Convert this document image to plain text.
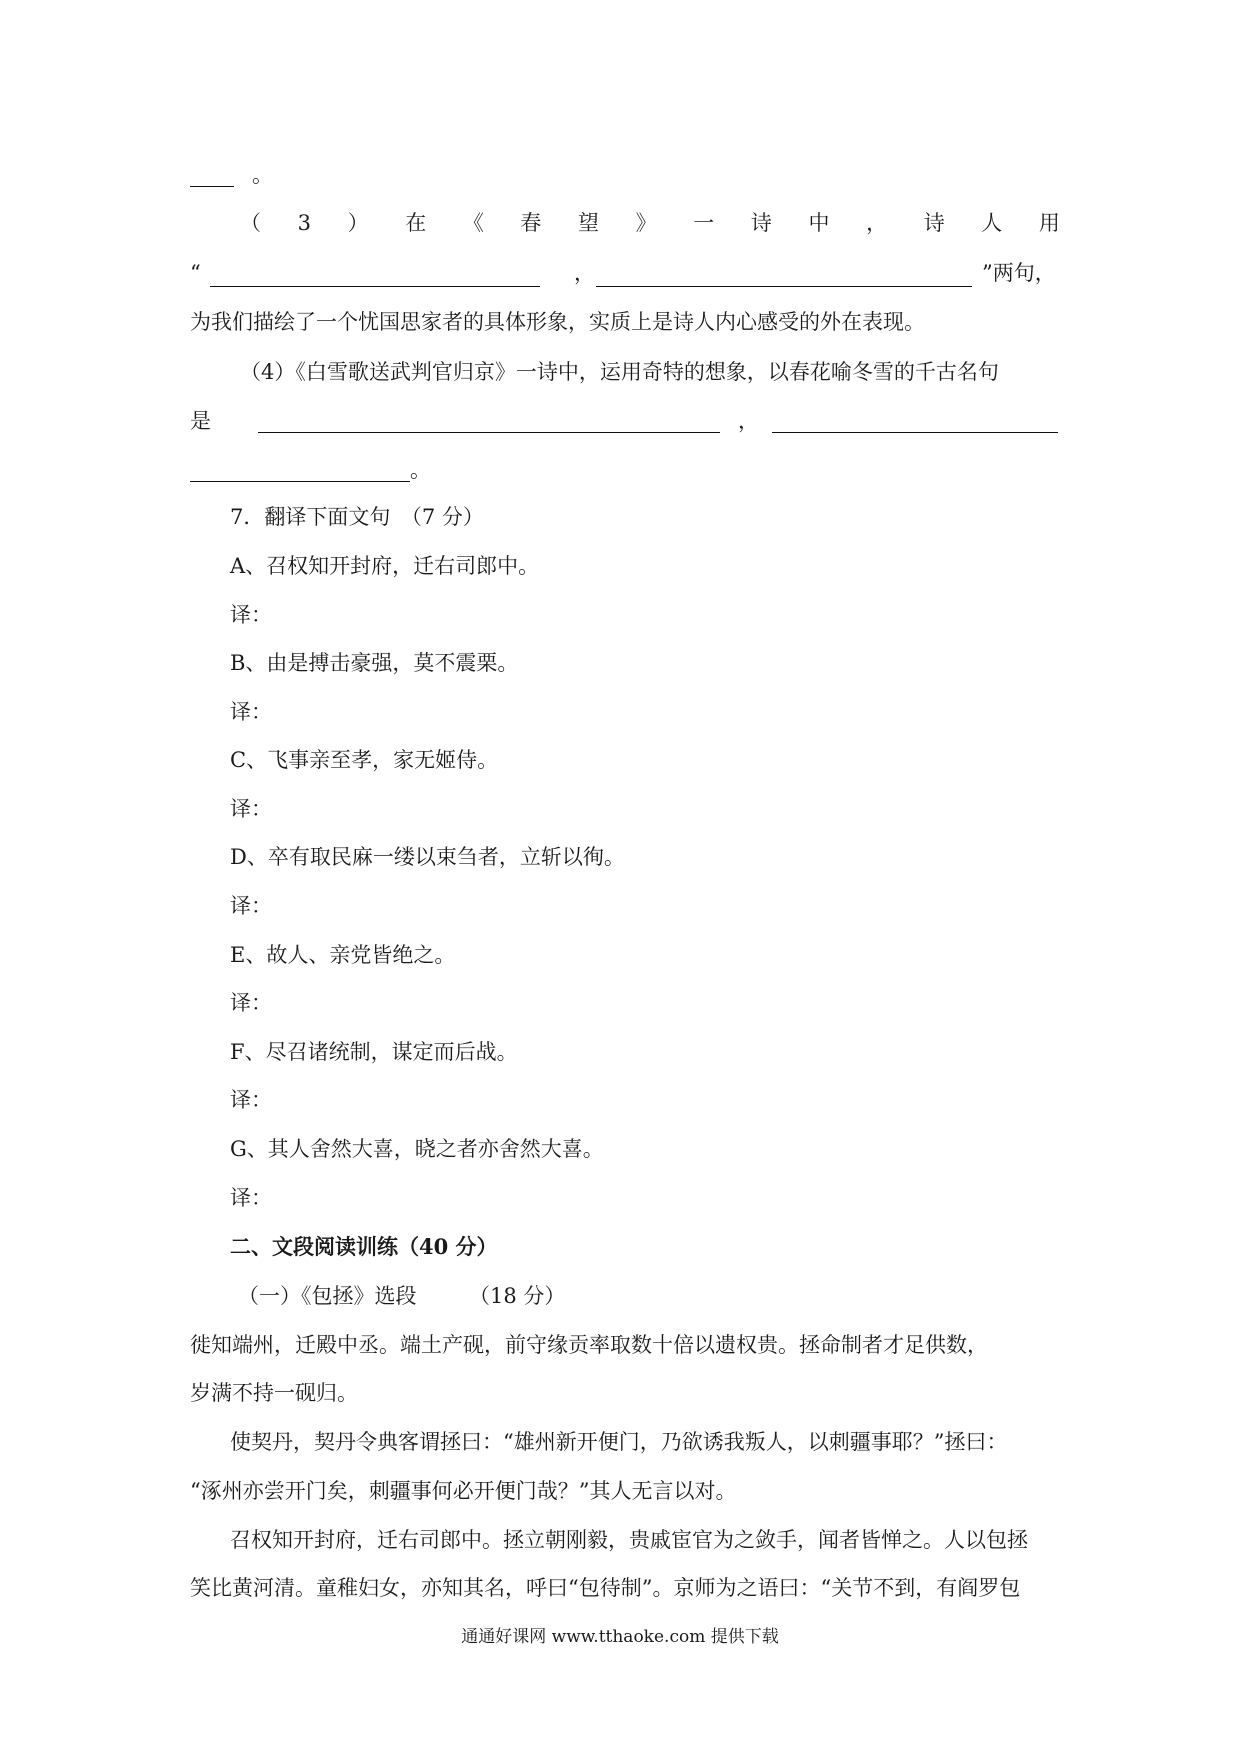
。
（ 3 ） 在 《 春 望 》 一 诗 中 ， 诗 人 用
“	，	”两句，
为我们描绘了一个忧国思家者的具体形象，实质上是诗人内心感受的外在表现。
（4）《白雪歌送武判官归京》一诗中，运用奇特的想象，以春花喻冬雪的千古名句
是	，
。
7．翻译下面文句　（7 分）
A、召权知开封府，迁右司郎中。
译：
B、由是搏击豪强，莫不震栗。
译：
C、飞事亲至孝，家无姬侍。
译：
D、卒有取民麻一缕以束刍者，立斩以徇。
译：
E、故人、亲党皆绝之。
译：
F、尽召诸统制，谋定而后战。
译：
G、其人舍然大喜，晓之者亦舍然大喜。
译：
二、文段阅读训练（40 分）
（一）《包拯》选段　　　（18 分）
徙知端州，迁殿中丞。端土产砚，前守缘贡率取数十倍以遗权贵。拯命制者才足供数，
岁满不持一砚归。
使契丹，契丹令典客谓拯曰：“雄州新开便门，乃欲诱我叛人，以刺疆事耶？”拯曰：
“涿州亦尝开门矣，刺疆事何必开便门哉？”其人无言以对。
召权知开封府，迁右司郎中。拯立朝刚毅，贵戚宦官为之敛手，闻者皆惮之。人以包拯
笑比黄河清。童稚妇女，亦知其名，呼曰“包待制”。京师为之语曰：“关节不到，有阎罗包
通通好课网 www.tthaoke.com 提供下载
